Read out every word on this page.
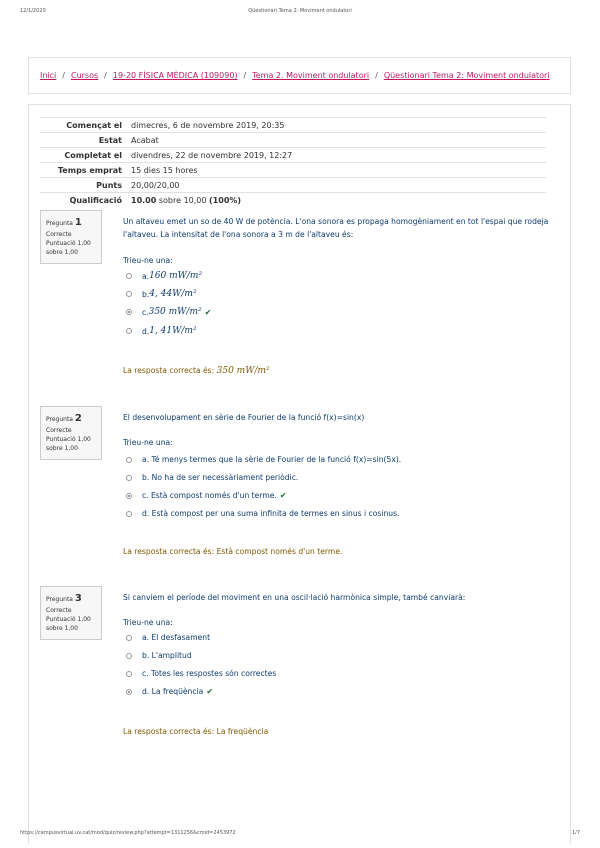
12/1/2020	Qüestionari Tema 2: Moviment ondulatori
Inici / Cursos / 19-20 FÍSICA MÈDICA (109090) / Tema 2. Moviment ondulatori / Qüestionari Tema 2: Moviment ondulatori
Començat el	dimecres, 6 de novembre 2019, 20:35
Estat	Acabat
Completat el	divendres, 22 de novembre 2019, 12:27
Temps emprat	15 dies 15 hores
Punts	20,00/20,00
Qualificació	10.00 sobre 10,00 (100%)
Pregunta 1
Correcte
Puntuació 1,00
sobre 1,00
Un altaveu emet un so de 40 W de potència. L'ona sonora es propaga homogèniament en tot l'espai que rodeja l'altaveu. La intensitat de l'ona sonora a 3 m de l'altaveu és:
Trieu-ne una:
a. 160 mW/m²
b. 4, 44W/m²
c. 350 mW/m² ✔
d. 1, 41W/m²
La resposta correcta és: 350 mW/m²
Pregunta 2
Correcte
Puntuació 1,00
sobre 1,00
El desenvolupament en sèrie de Fourier de la funció f(x)=sin(x)
Trieu-ne una:
a. Té menys termes que la sèrie de Fourier de la funció f(x)=sin(5x).
b. No ha de ser necessàriament periòdic.
c. Està compost només d'un terme. ✔
d. Està compost per una suma infinita de termes en sinus i cosinus.
La resposta correcta és: Està compost només d'un terme.
Pregunta 3
Correcte
Puntuació 1,00
sobre 1,00
Si canviem el període del moviment en una oscil·lació harmònica simple, també canviarà:
Trieu-ne una:
a. El desfasament
b. L'amplitud
c. Totes les respostes són correctes
d. La freqüència ✔
La resposta correcta és: La freqüència
https://campusvirtual.uv.cat/mod/quiz/review.php?attempt=1311256&cmid=2453972	1/7
